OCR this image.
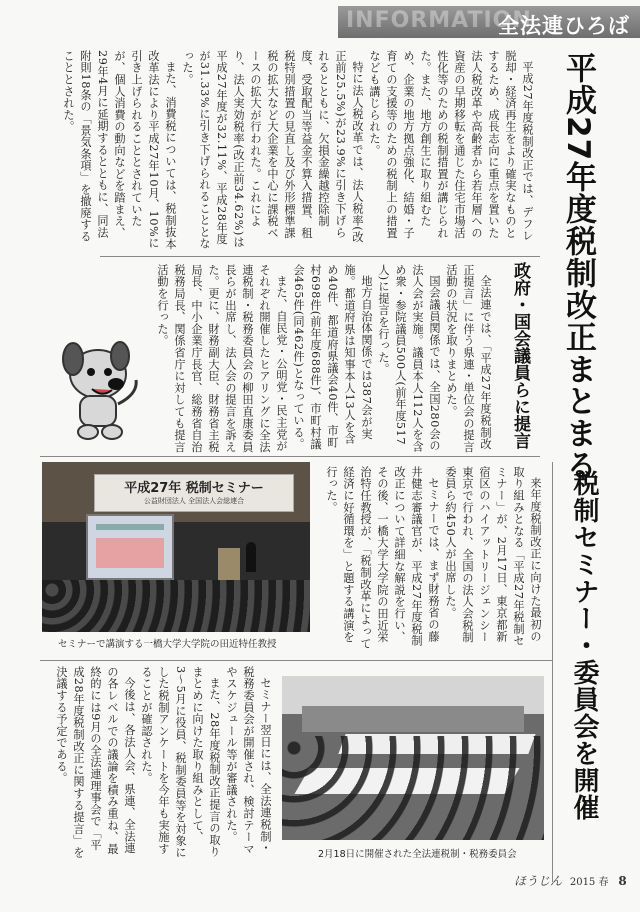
INFORMATION
全法連ひろば
平成27年度税制改正まとまる

平成27年度税制改正では、デフレ脱却・経済再生をより確実なものとするため、成長志向に重点を置いた法人税改革や高齢者から若年層への資産の早期移転を通じた住宅市場活性化等のための税制措置が講じられた。また、地方創生に取り組むため、企業の地方拠点強化、結婚・子育ての支援等のための税制上の措置なども講じられた。

特に法人税改革では、法人税率(改正前25.5%)が23.9%に引き下げられるとともに、欠損金繰越控除制度、受取配当等益金不算入措置、租税特別措置の見直し及び外形標準課税の拡大など大企業を中心に課税ベースの拡大が行われた。これにより、法人実効税率(改正前34.62%)は平成27年度が32.11%、平成28年度が31.33%に引き下げられることとなった。

また、消費税については、税制抜本改革法により平成27年10月、10%に引き上げられることとされていたが、個人消費の動向などを踏まえ、29年4月に延期するとともに、同法附則18条の「景気条項」を撤廃することとされた。

政府・国会議員らに提言

全法連では、「平成27年度税制改正提言」に伴う県連・単位会の提言活動の状況を取りまとめた。

国会議員関係では、全国280会の法人会が実施。議員本人112人を含め衆・参院議員500人(前年度517人)に提言を行った。

地方自治体関係では387会が実施。都道府県は知事本人13人を含め40件、都道府県議会40件、市町村698件(前年度688件)、市町村議会465件(同462件)となっている。

また、自民党・公明党・民主党がそれぞれ開催したヒアリングに全法連税制・税務委員会の柳田直康委員長らが出席し、法人会の提言を訴えた。更に、財務副大臣、財務省主税局長、中小企業庁長官、総務省自治税務局長、関係省庁に対しても提言活動を行った。

平成27年 税制セミナー
公益財団法人 全国法人会総連合
セミナーで講演する一橋大学大学院の田近特任教授	税制セミナー・委員会を開催

来年度税制改正に向けた最初の取り組みとなる「平成27年税制セミナー」が、2月17日、東京都新宿区のハイアットリージェンシー東京で行われ、全国の法人会税制委員ら約450人が出席した。

セミナーでは、まず財務省の藤井健志審議官が、平成27年度税制改正について詳細な解説を行い、その後、一橋大学大学院の田近栄治特任教授が、「税制改革によって経済に好循環を」と題する講演を行った。

セミナー翌日には、全法連税制・税務委員会が開催され、検討テーマやスケジュール等が審議された。

また、28年度税制改正提言の取りまとめに向けた取り組みとして、3〜5月に役員、税制委員等を対象にした税制アンケートを今年も実施することが確認された。

今後は、各法人会、県連、全法連の各レベルでの議論を積み重ね、最終的には9月の全法連理事会で「平成28年度税制改正に関する提言」を決議する予定である。

2月18日に開催された全法連税制・税務委員会
ほうじん 2015 春 8
